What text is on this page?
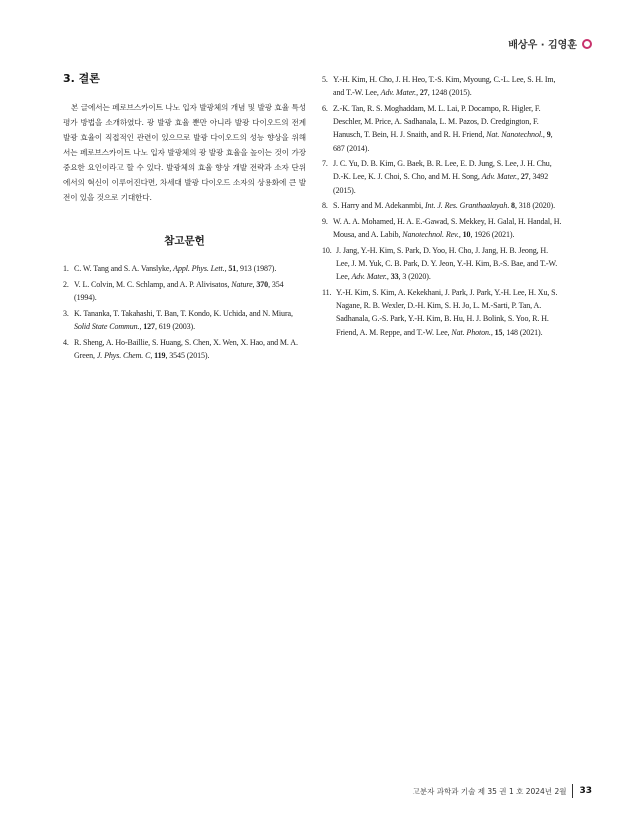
배상우 · 김영훈
3. 결론

본 글에서는 페로브스카이트 나노 입자 발광체의 개념 및 발광 효율 특성 평가 방법을 소개하였다. 광 발광 효율 뿐만 아니라 발광 다이오드의 전계 발광 효율이 직접적인 관련이 있으므로 발광 다이오드의 성능 향상을 위해서는 페로브스카이트 나노 입자 발광체의 광 발광 효율을 높이는 것이 가장 중요한 요인이라고 할 수 있다. 발광체의 효율 향상 개발 전략과 소자 단위에서의 혁신이 이루어진다면, 차세대 발광 다이오드 소자의 상용화에 큰 발전이 있을 것으로 기대한다.

참고문헌
1. C. W. Tang and S. A. Vanslyke, Appl. Phys. Lett., 51, 913 (1987).
2. V. L. Colvin, M. C. Schlamp, and A. P. Alivisatos, Nature, 370, 354 (1994).
3. K. Tananka, T. Takahashi, T. Ban, T. Kondo, K. Uchida, and N. Miura, Solid State Commun., 127, 619 (2003).
4. R. Sheng, A. Ho-Baillie, S. Huang, S. Chen, X. Wen, X. Hao, and M. A. Green, J. Phys. Chem. C, 119, 3545 (2015).
5. Y.-H. Kim, H. Cho, J. H. Heo, T.-S. Kim, Myoung, C.-L. Lee, S. H. Im, and T.-W. Lee, Adv. Mater., 27, 1248 (2015).
6. Z.-K. Tan, R. S. Moghaddam, M. L. Lai, P. Docampo, R. Higler, F. Deschler, M. Price, A. Sadhanala, L. M. Pazos, D. Credgington, F. Hanusch, T. Bein, H. J. Snaith, and R. H. Friend, Nat. Nanotechnol., 9, 687 (2014).
7. J. C. Yu, D. B. Kim, G. Baek, B. R. Lee, E. D. Jung, S. Lee, J. H. Chu, D.-K. Lee, K. J. Choi, S. Cho, and M. H. Song, Adv. Mater., 27, 3492 (2015).
8. S. Harry and M. Adekanmbi, Int. J. Res. Granthaalayah. 8, 318 (2020).
9. W. A. A. Mohamed, H. A. E.-Gawad, S. Mekkey, H. Galal, H. Handal, H. Mousa, and A. Labib, Nanotechnol. Rev., 10, 1926 (2021).
10. J. Jang, Y.-H. Kim, S. Park, D. Yoo, H. Cho, J. Jang, H. B. Jeong, H. Lee, J. M. Yuk, C. B. Park, D. Y. Jeon, Y.-H. Kim, B.-S. Bae, and T.-W. Lee, Adv. Mater., 33, 3 (2020).
11. Y.-H. Kim, S. Kim, A. Kekekhani, J. Park, J. Park, Y.-H. Lee, H. Xu, S. Nagane, R. B. Wexler, D.-H. Kim, S. H. Jo, L. M.-Sarti, P. Tan, A. Sadhanala, G.-S. Park, Y.-H. Kim, B. Hu, H. J. Bolink, S. Yoo, R. H. Friend, A. M. Reppe, and T.-W. Lee, Nat. Photon., 15, 148 (2021).
고분자 과학과 기술 제 35 권 1 호 2024년 2월 33
